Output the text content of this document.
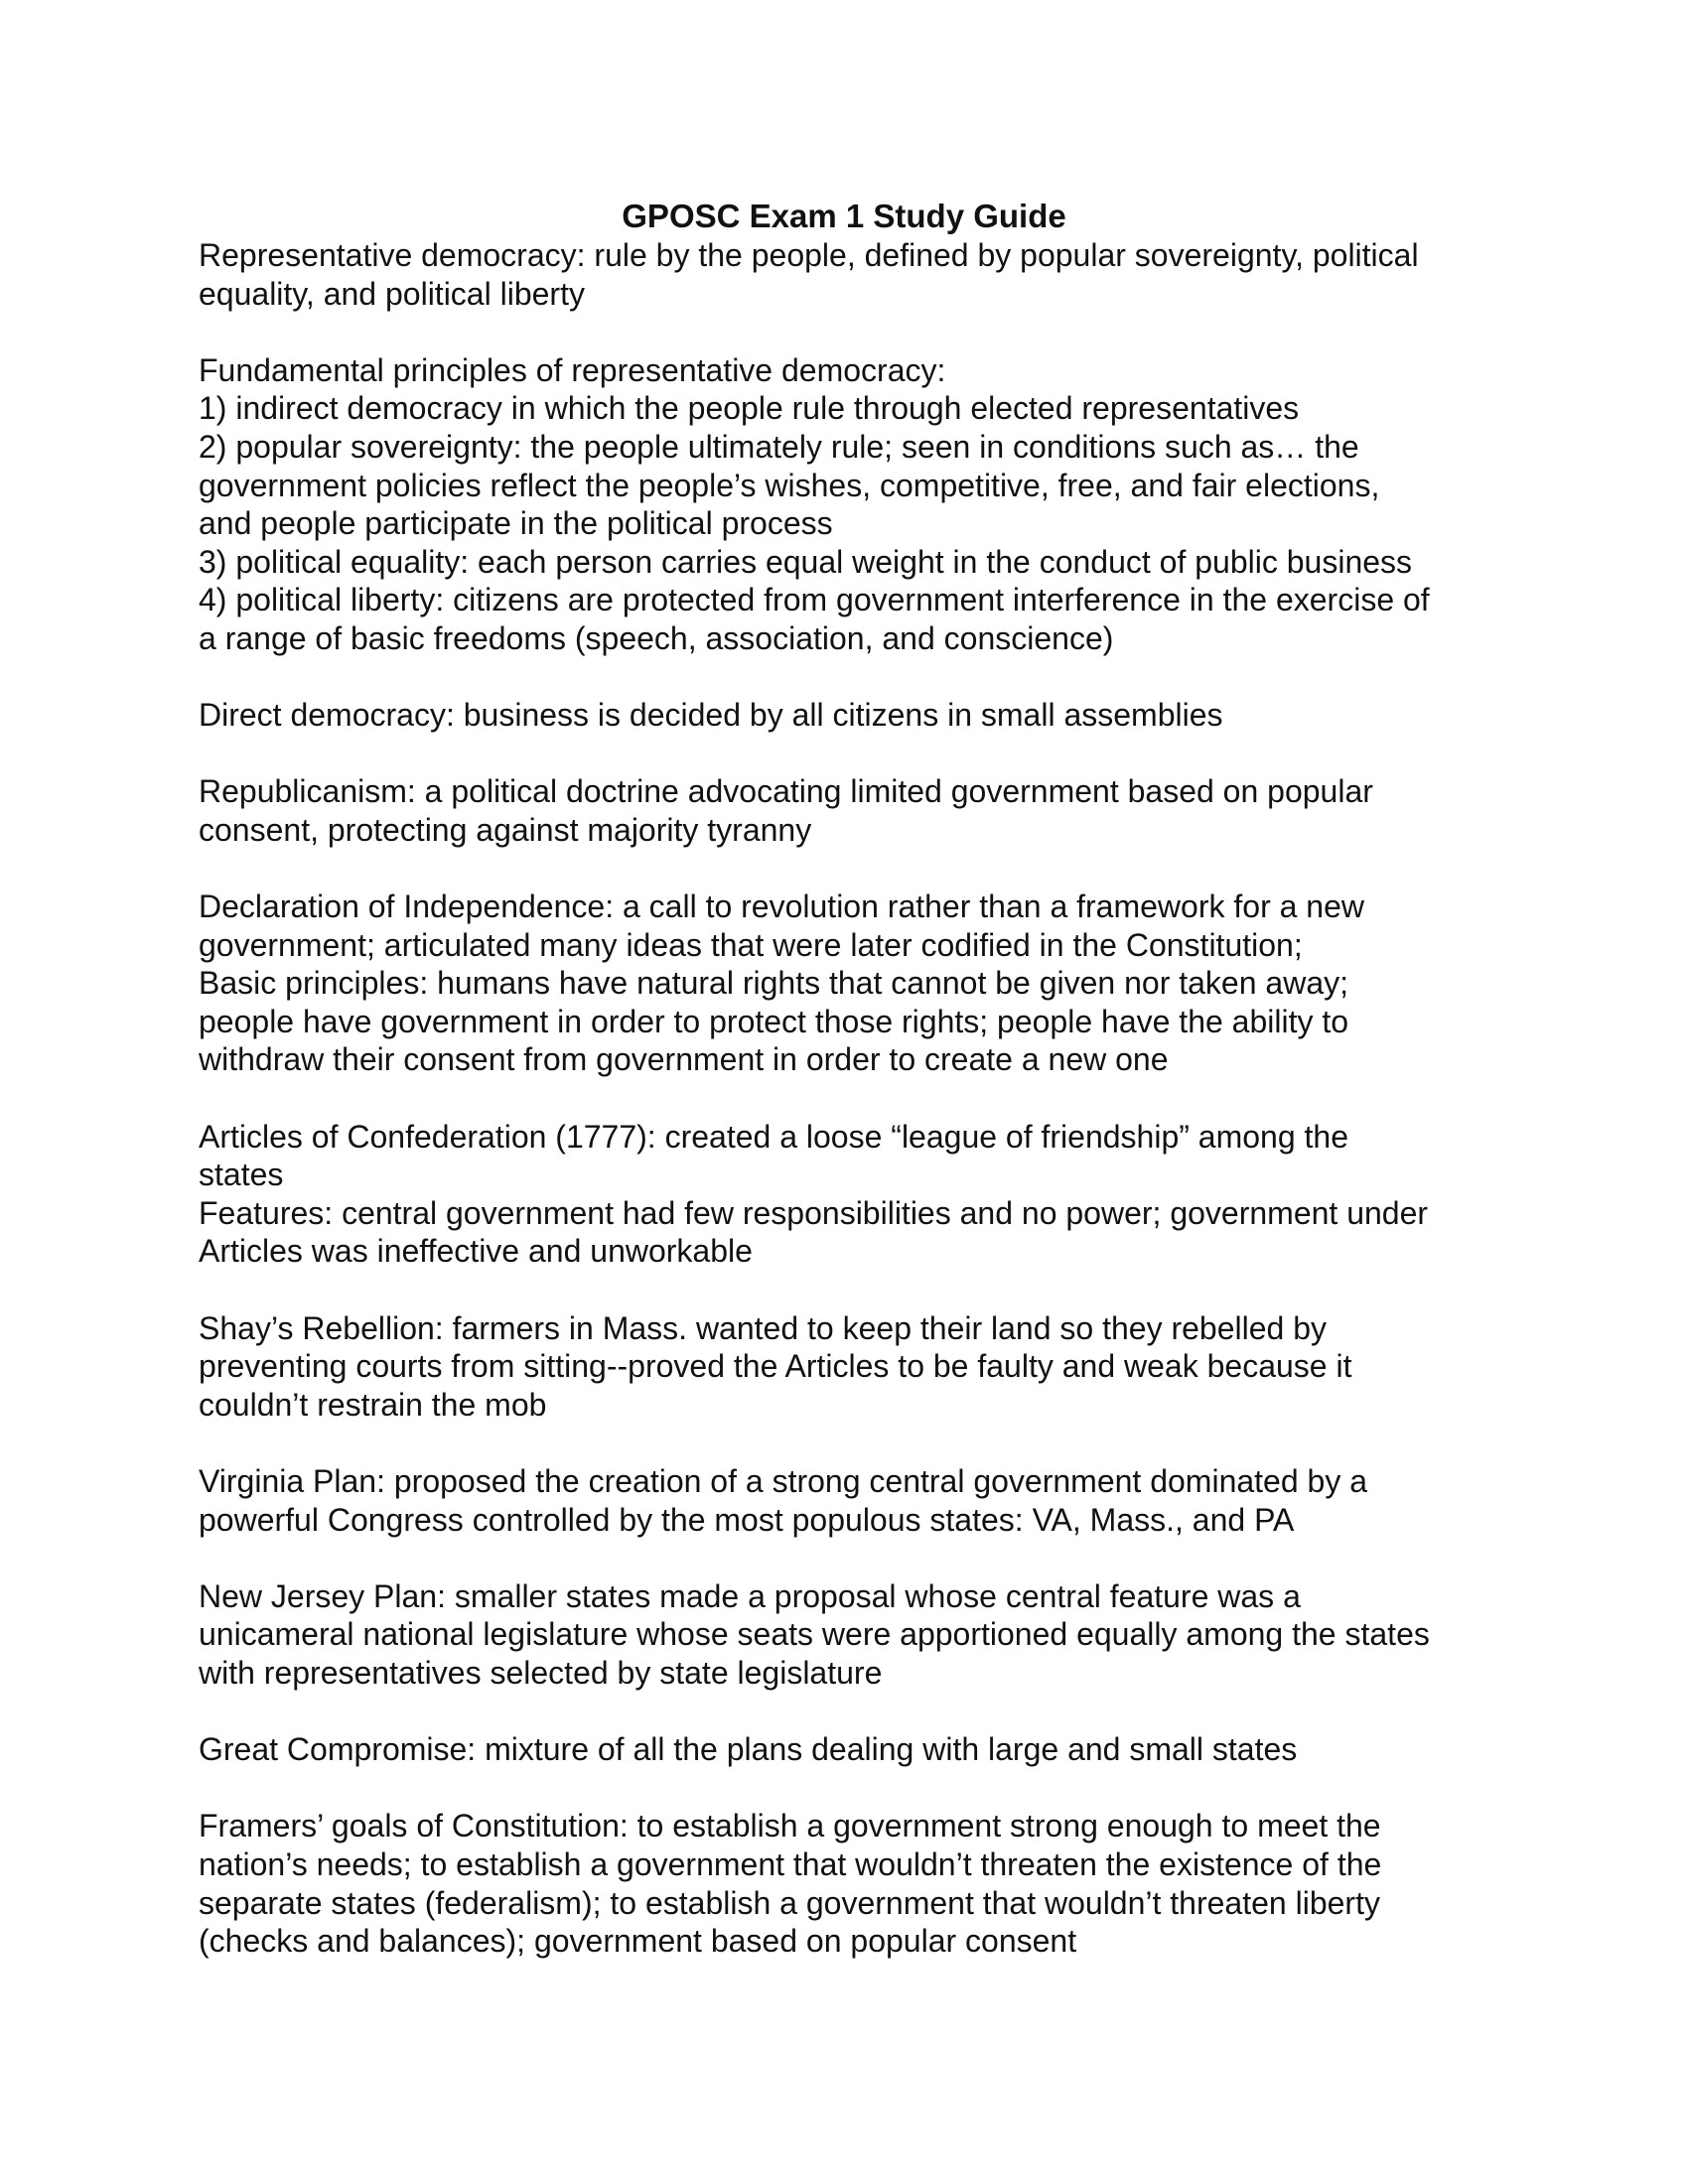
GPOSC Exam 1 Study Guide
Representative democracy: rule by the people, defined by popular sovereignty, political
equality, and political liberty
Fundamental principles of representative democracy:
1) indirect democracy in which the people rule through elected representatives
2) popular sovereignty: the people ultimately rule; seen in conditions such as… the
government policies reflect the people’s wishes, competitive, free, and fair elections,
and people participate in the political process
3) political equality: each person carries equal weight in the conduct of public business
4) political liberty: citizens are protected from government interference in the exercise of
a range of basic freedoms (speech, association, and conscience)
Direct democracy: business is decided by all citizens in small assemblies
Republicanism: a political doctrine advocating limited government based on popular
consent, protecting against majority tyranny
Declaration of Independence: a call to revolution rather than a framework for a new
government; articulated many ideas that were later codified in the Constitution;
Basic principles: humans have natural rights that cannot be given nor taken away;
people have government in order to protect those rights; people have the ability to
withdraw their consent from government in order to create a new one
Articles of Confederation (1777): created a loose “league of friendship” among the
states
Features: central government had few responsibilities and no power; government under
Articles was ineffective and unworkable
Shay’s Rebellion: farmers in Mass. wanted to keep their land so they rebelled by
preventing courts from sitting--proved the Articles to be faulty and weak because it
couldn’t restrain the mob
Virginia Plan: proposed the creation of a strong central government dominated by a
powerful Congress controlled by the most populous states: VA, Mass., and PA
New Jersey Plan: smaller states made a proposal whose central feature was a
unicameral national legislature whose seats were apportioned equally among the states
with representatives selected by state legislature
Great Compromise: mixture of all the plans dealing with large and small states
Framers’ goals of Constitution: to establish a government strong enough to meet the
nation’s needs; to establish a government that wouldn’t threaten the existence of the
separate states (federalism); to establish a government that wouldn’t threaten liberty
(checks and balances); government based on popular consent
